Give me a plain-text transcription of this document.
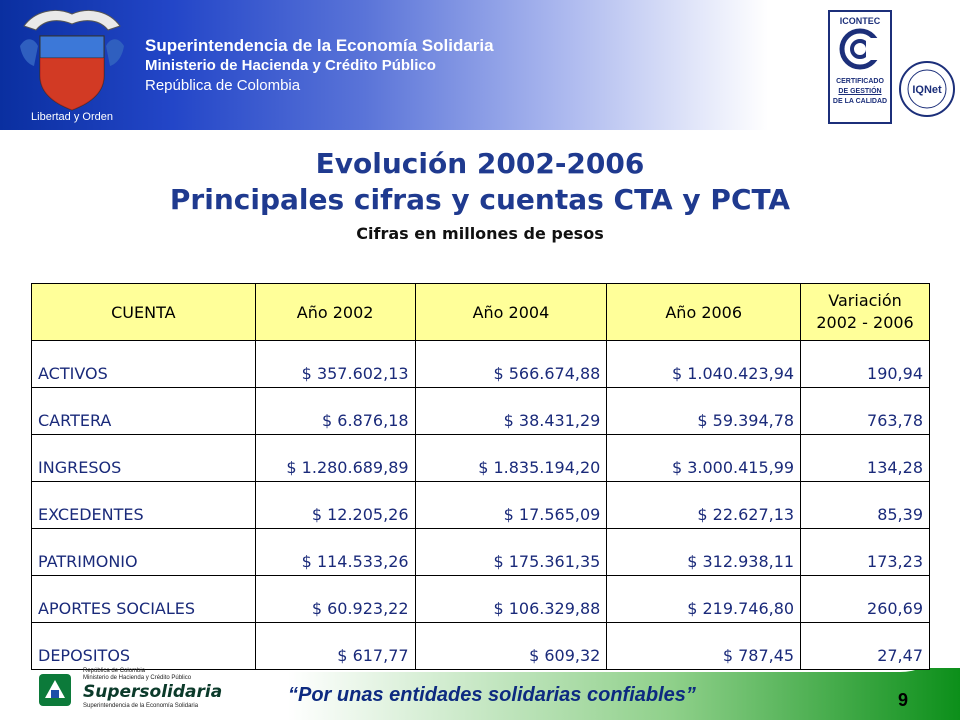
Libertad y Orden
Superintendencia de la Economía Solidaria
Ministerio de Hacienda y Crédito Público
República de Colombia
ICONTEC
CERTIFICADO
DE GESTIÓN
DE LA CALIDAD
IQNet
Evolución 2002-2006
Principales cifras y cuentas CTA y PCTA
Cifras en millones de pesos
CUENTA	Año 2002	Año 2004	Año 2006	Variación
2002 - 2006

ACTIVOS	$ 357.602,13	$ 566.674,88	$ 1.040.423,94	190,94
CARTERA	$ 6.876,18	$ 38.431,29	$ 59.394,78	763,78
INGRESOS	$ 1.280.689,89	$ 1.835.194,20	$ 3.000.415,99	134,28
EXCEDENTES	$ 12.205,26	$ 17.565,09	$ 22.627,13	85,39
PATRIMONIO	$ 114.533,26	$ 175.361,35	$ 312.938,11	173,23
APORTES SOCIALES	$ 60.923,22	$ 106.329,88	$ 219.746,80	260,69
DEPOSITOS	$ 617,77	$ 609,32	$ 787,45	27,47
República de Colombia
Ministerio de Hacienda y Crédito Público
Supersolidaria
Superintendencia de la Economía Solidaria	“Por unas entidades solidarias confiables”	9
